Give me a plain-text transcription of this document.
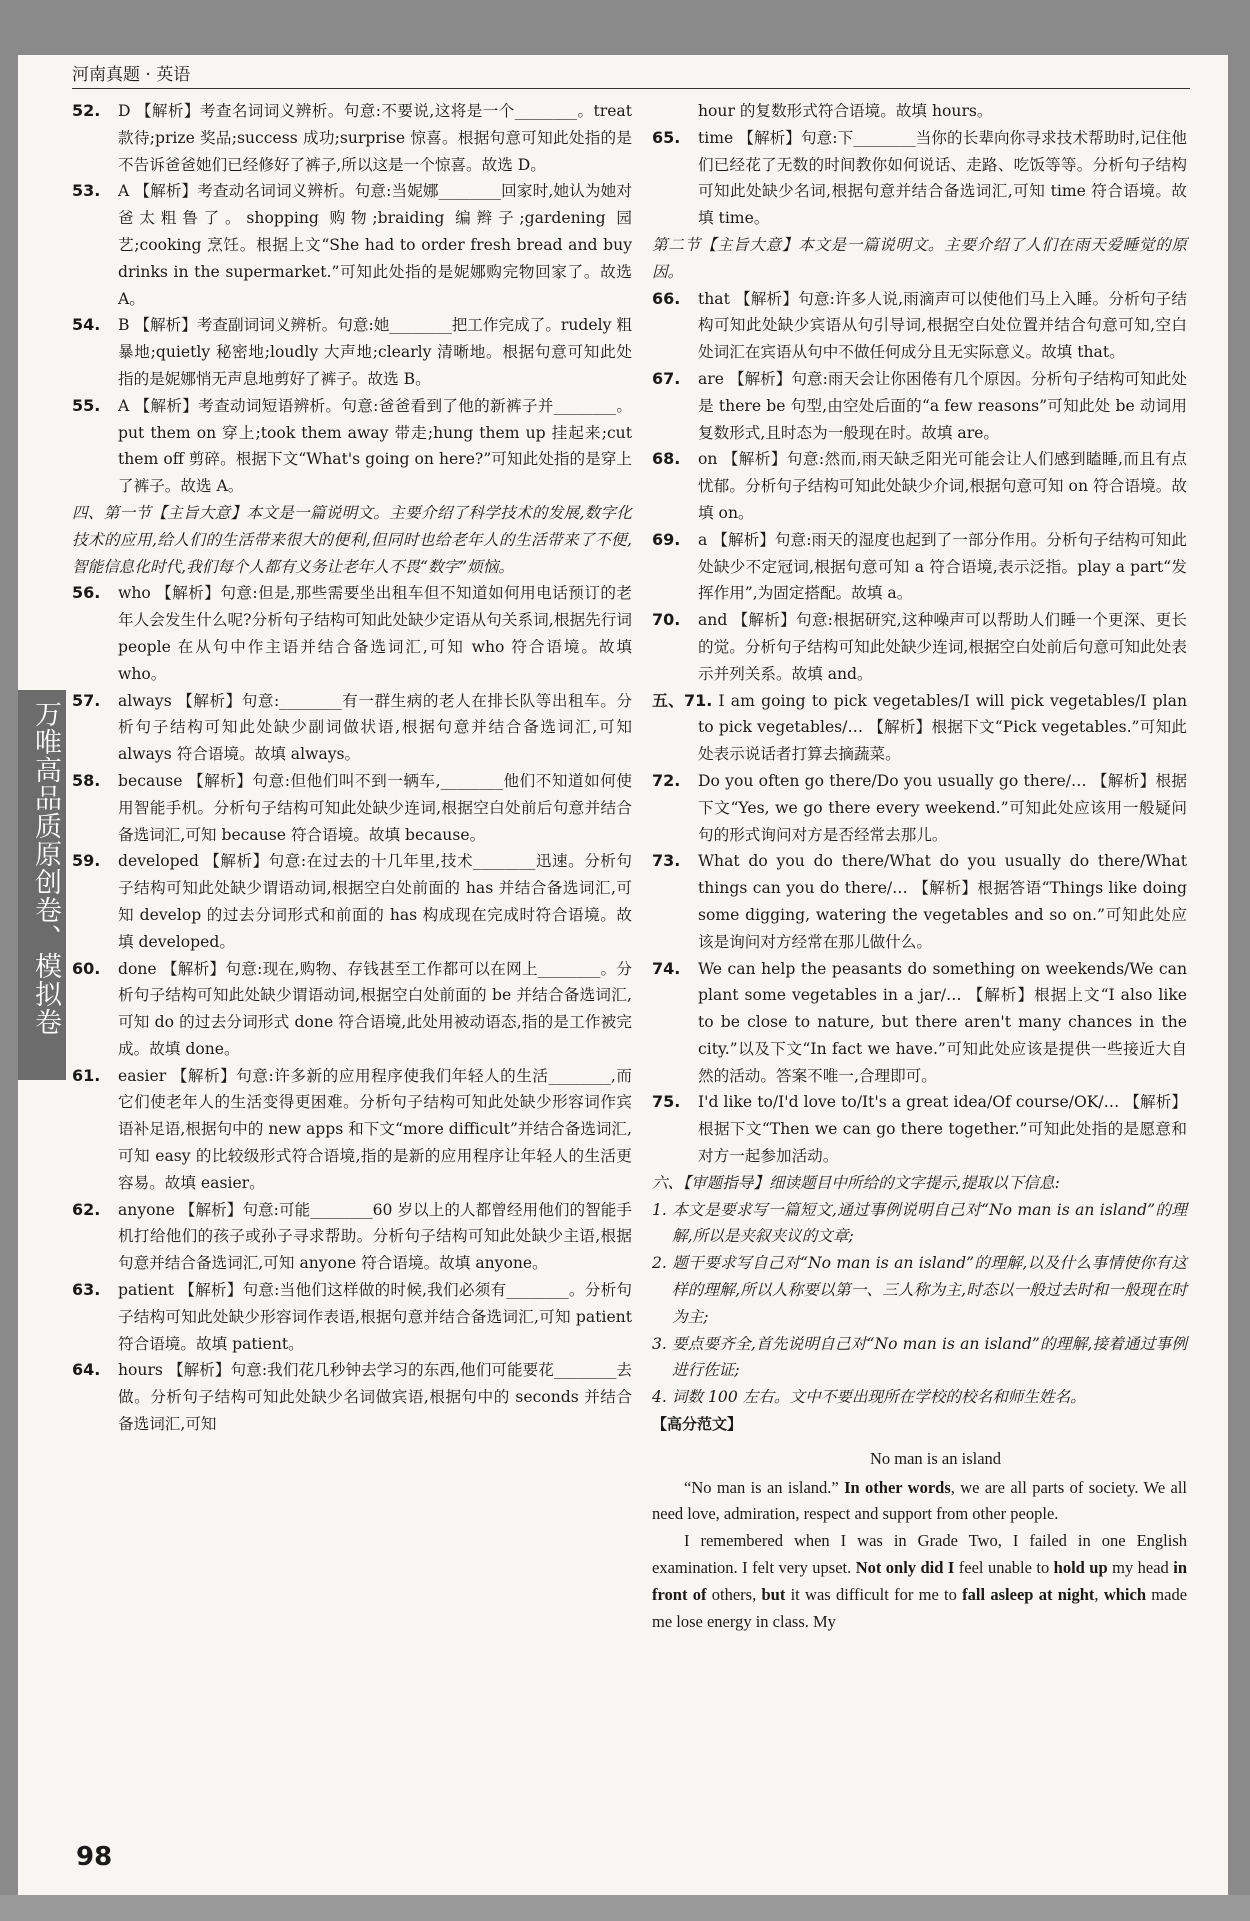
河南真题 · 英语

52. D 【解析】考查名词词义辨析。句意:不要说,这将是一个________。treat 款待;prize 奖品;success 成功;surprise 惊喜。根据句意可知此处指的是不告诉爸爸她们已经修好了裤子,所以这是一个惊喜。故选 D。

53. A 【解析】考查动名词词义辨析。句意:当妮娜________回家时,她认为她对爸太粗鲁了。shopping 购物;braiding 编辫子;gardening 园艺;cooking 烹饪。根据上文“She had to order fresh bread and buy drinks in the supermarket.”可知此处指的是妮娜购完物回家了。故选 A。

54. B 【解析】考查副词词义辨析。句意:她________把工作完成了。rudely 粗暴地;quietly 秘密地;loudly 大声地;clearly 清晰地。根据句意可知此处指的是妮娜悄无声息地剪好了裤子。故选 B。

55. A 【解析】考查动词短语辨析。句意:爸爸看到了他的新裤子并________。put them on 穿上;took them away 带走;hung them up 挂起来;cut them off 剪碎。根据下文“What's going on here?”可知此处指的是穿上了裤子。故选 A。

四、第一节【主旨大意】本文是一篇说明文。主要介绍了科学技术的发展,数字化技术的应用,给人们的生活带来很大的便利,但同时也给老年人的生活带来了不便,智能信息化时代,我们每个人都有义务让老年人不畏“数字”烦恼。

56. who 【解析】句意:但是,那些需要坐出租车但不知道如何用电话预订的老年人会发生什么呢?分析句子结构可知此处缺少定语从句关系词,根据先行词 people 在从句中作主语并结合备选词汇,可知 who 符合语境。故填 who。

57. always 【解析】句意:________有一群生病的老人在排长队等出租车。分析句子结构可知此处缺少副词做状语,根据句意并结合备选词汇,可知 always 符合语境。故填 always。

58. because 【解析】句意:但他们叫不到一辆车,________他们不知道如何使用智能手机。分析句子结构可知此处缺少连词,根据空白处前后句意并结合备选词汇,可知 because 符合语境。故填 because。

59. developed 【解析】句意:在过去的十几年里,技术________迅速。分析句子结构可知此处缺少谓语动词,根据空白处前面的 has 并结合备选词汇,可知 develop 的过去分词形式和前面的 has 构成现在完成时符合语境。故填 developed。

60. done 【解析】句意:现在,购物、存钱甚至工作都可以在网上________。分析句子结构可知此处缺少谓语动词,根据空白处前面的 be 并结合备选词汇,可知 do 的过去分词形式 done 符合语境,此处用被动语态,指的是工作被完成。故填 done。

61. easier 【解析】句意:许多新的应用程序使我们年轻人的生活________,而它们使老年人的生活变得更困难。分析句子结构可知此处缺少形容词作宾语补足语,根据句中的 new apps 和下文“more difficult”并结合备选词汇,可知 easy 的比较级形式符合语境,指的是新的应用程序让年轻人的生活更容易。故填 easier。

62. anyone 【解析】句意:可能________60 岁以上的人都曾经用他们的智能手机打给他们的孩子或孙子寻求帮助。分析句子结构可知此处缺少主语,根据句意并结合备选词汇,可知 anyone 符合语境。故填 anyone。

63. patient 【解析】句意:当他们这样做的时候,我们必须有________。分析句子结构可知此处缺少形容词作表语,根据句意并结合备选词汇,可知 patient 符合语境。故填 patient。

64. hours 【解析】句意:我们花几秒钟去学习的东西,他们可能要花________去做。分析句子结构可知此处缺少名词做宾语,根据句中的 seconds 并结合备选词汇,可知

hour 的复数形式符合语境。故填 hours。

65. time 【解析】句意:下________当你的长辈向你寻求技术帮助时,记住他们已经花了无数的时间教你如何说话、走路、吃饭等等。分析句子结构可知此处缺少名词,根据句意并结合备选词汇,可知 time 符合语境。故填 time。

第二节【主旨大意】本文是一篇说明文。主要介绍了人们在雨天爱睡觉的原因。

66. that 【解析】句意:许多人说,雨滴声可以使他们马上入睡。分析句子结构可知此处缺少宾语从句引导词,根据空白处位置并结合句意可知,空白处词汇在宾语从句中不做任何成分且无实际意义。故填 that。

67. are 【解析】句意:雨天会让你困倦有几个原因。分析句子结构可知此处是 there be 句型,由空处后面的“a few reasons”可知此处 be 动词用复数形式,且时态为一般现在时。故填 are。

68. on 【解析】句意:然而,雨天缺乏阳光可能会让人们感到瞌睡,而且有点忧郁。分析句子结构可知此处缺少介词,根据句意可知 on 符合语境。故填 on。

69. a 【解析】句意:雨天的湿度也起到了一部分作用。分析句子结构可知此处缺少不定冠词,根据句意可知 a 符合语境,表示泛指。play a part“发挥作用”,为固定搭配。故填 a。

70. and 【解析】句意:根据研究,这种噪声可以帮助人们睡一个更深、更长的觉。分析句子结构可知此处缺少连词,根据空白处前后句意可知此处表示并列关系。故填 and。

五、71. I am going to pick vegetables/I will pick vegetables/I plan to pick vegetables/… 【解析】根据下文“Pick vegetables.”可知此处表示说话者打算去摘蔬菜。

72. Do you often go there/Do you usually go there/… 【解析】根据下文“Yes, we go there every weekend.”可知此处应该用一般疑问句的形式询问对方是否经常去那儿。

73. What do you do there/What do you usually do there/What things can you do there/… 【解析】根据答语“Things like doing some digging, watering the vegetables and so on.”可知此处应该是询问对方经常在那儿做什么。

74. We can help the peasants do something on weekends/We can plant some vegetables in a jar/… 【解析】根据上文“I also like to be close to nature, but there aren't many chances in the city.”以及下文“In fact we have.”可知此处应该是提供一些接近大自然的活动。答案不唯一,合理即可。

75. I'd like to/I'd love to/It's a great idea/Of course/OK/… 【解析】根据下文“Then we can go there together.”可知此处指的是愿意和对方一起参加活动。

六、【审题指导】细读题目中所给的文字提示,提取以下信息:

1. 本文是要求写一篇短文,通过事例说明自己对“No man is an island”的理解,所以是夹叙夹议的文章;

2. 题干要求写自己对“No man is an island”的理解,以及什么事情使你有这样的理解,所以人称要以第一、三人称为主,时态以一般过去时和一般现在时为主;

3. 要点要齐全,首先说明自己对“No man is an island”的理解,接着通过事例进行佐证;

4. 词数 100 左右。文中不要出现所在学校的校名和师生姓名。

【高分范文】

No man is an island

“No man is an island.” In other words, we are all parts of society. We all need love, admiration, respect and support from other people.

I remembered when I was in Grade Two, I failed in one English examination. I felt very upset. Not only did I feel unable to hold up my head in front of others, but it was difficult for me to fall asleep at night, which made me lose energy in class. My

万唯高品质原创卷、模拟卷
98
